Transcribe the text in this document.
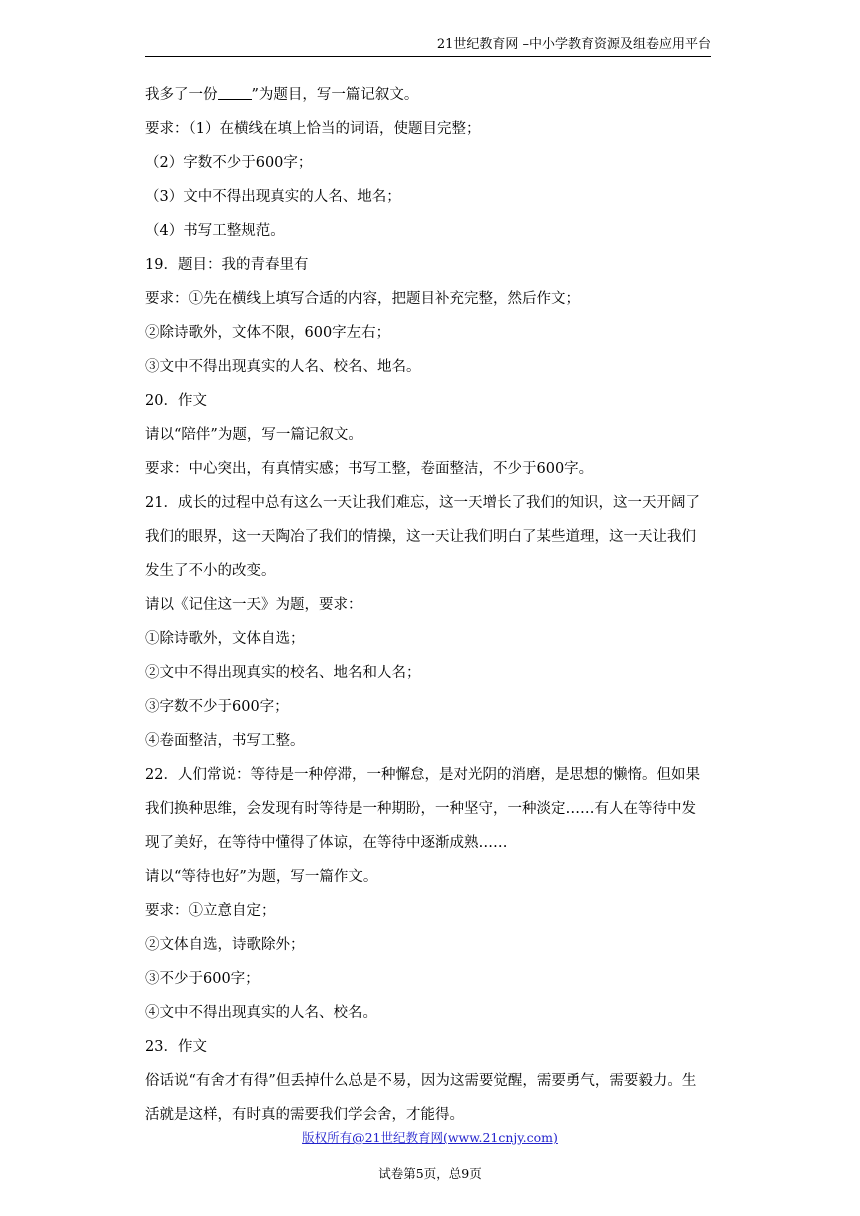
21世纪教育网 –中小学教育资源及组卷应用平台

我多了一份 ”为题目，写一篇记叙文。

要求：（1）在横线在填上恰当的词语，使题目完整；

（2）字数不少于600字；

（3）文中不得出现真实的人名、地名；

（4）书写工整规范。

19．题目：我的青春里有

要求：①先在横线上填写合适的内容，把题目补充完整，然后作文；

②除诗歌外，文体不限，600字左右；

③文中不得出现真实的人名、校名、地名。

20．作文

请以“陪伴”为题，写一篇记叙文。

要求：中心突出，有真情实感；书写工整，卷面整洁，不少于600字。

21．成长的过程中总有这么一天让我们难忘，这一天增长了我们的知识，这一天开阔了

我们的眼界，这一天陶冶了我们的情操，这一天让我们明白了某些道理，这一天让我们

发生了不小的改变。

请以《记住这一天》为题，要求：

①除诗歌外，文体自选；

②文中不得出现真实的校名、地名和人名；

③字数不少于600字；

④卷面整洁，书写工整。

22．人们常说：等待是一种停滞，一种懈怠，是对光阴的消磨，是思想的懒惰。但如果

我们换种思维，会发现有时等待是一种期盼，一种坚守，一种淡定……有人在等待中发

现了美好，在等待中懂得了体谅，在等待中逐渐成熟……

请以“等待也好”为题，写一篇作文。

要求：①立意自定；

②文体自选，诗歌除外；

③不少于600字；

④文中不得出现真实的人名、校名。

23．作文

俗话说“有舍才有得”但丢掉什么总是不易，因为这需要觉醒，需要勇气，需要毅力。生

活就是这样，有时真的需要我们学会舍，才能得。

版权所有@21世纪教育网(www.21cnjy.com)
试卷第5页，总9页
